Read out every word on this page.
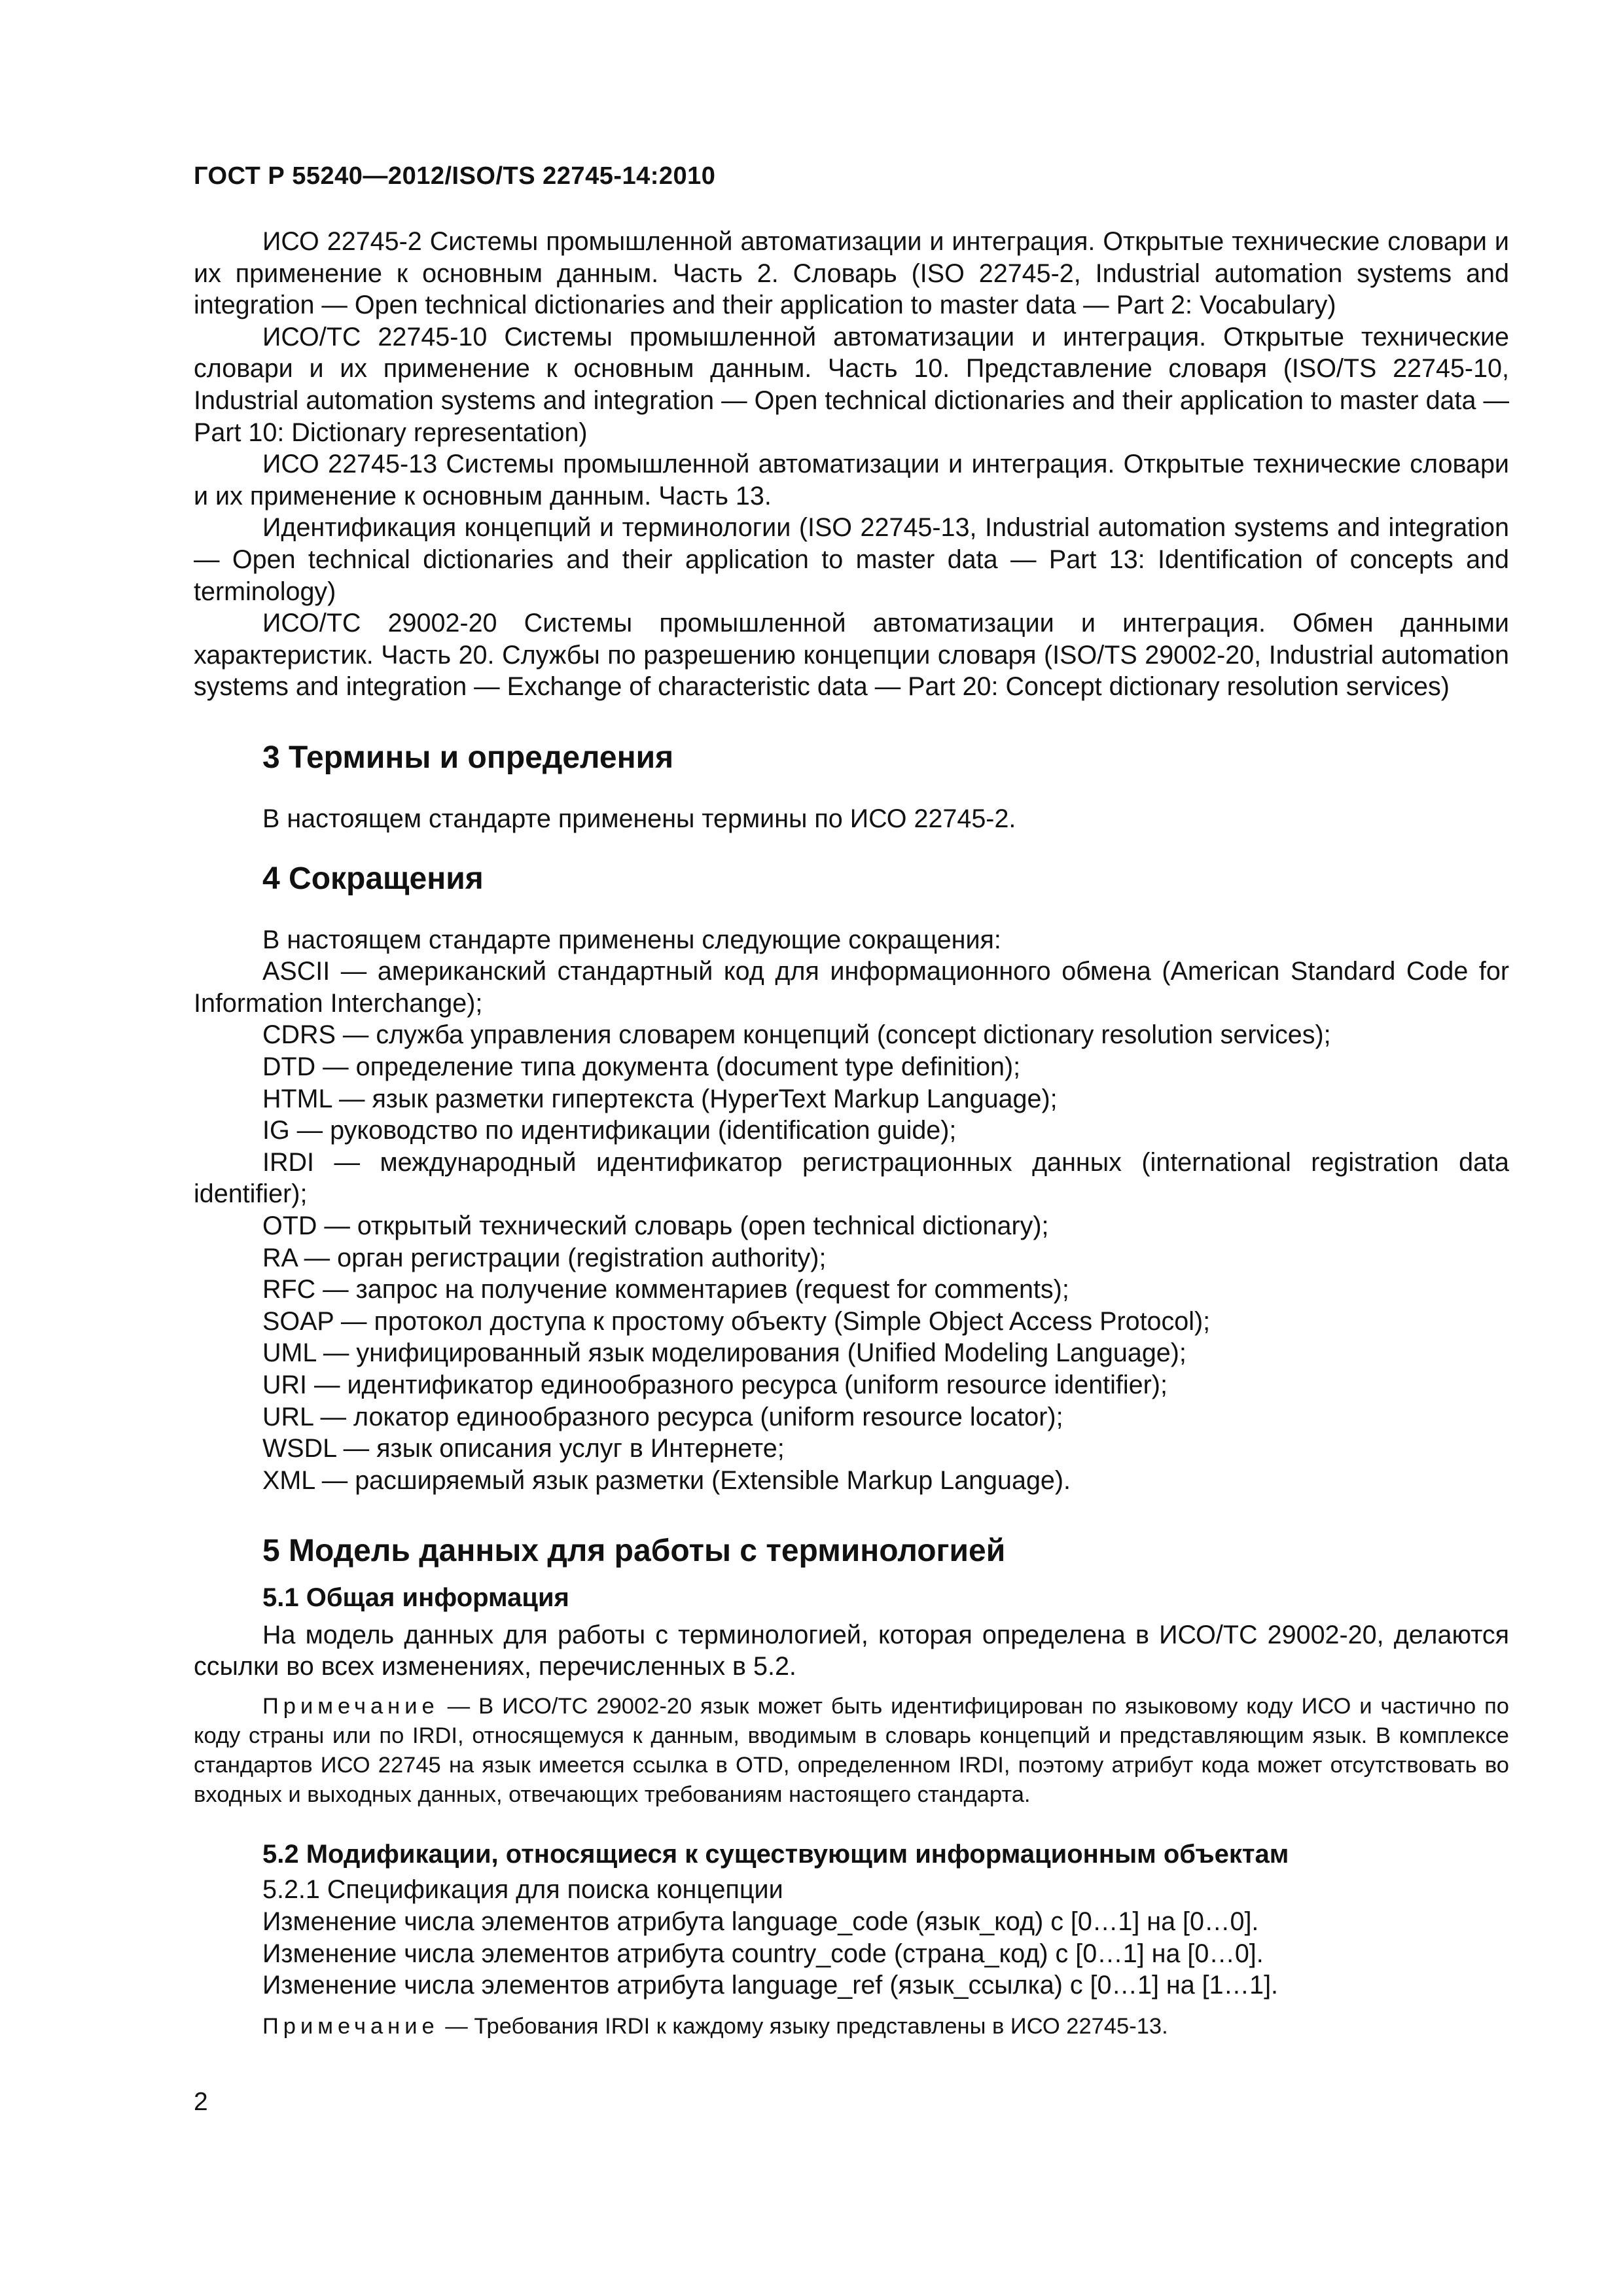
ГОСТ Р 55240—2012/ISO/TS 22745-14:2010

ИСО 22745-2 Системы промышленной автоматизации и интеграция. Открытые технические словари и их применение к основным данным. Часть 2. Словарь (ISO 22745-2, Industrial automation systems and integration — Open technical dictionaries and their application to master data — Part 2: Vocabulary)

ИСО/ТС 22745-10 Системы промышленной автоматизации и интеграция. Открытые технические словари и их применение к основным данным. Часть 10. Представление словаря (ISO/TS 22745-10, Industrial automation systems and integration — Open technical dictionaries and their application to master data — Part 10: Dictionary representation)

ИСО 22745-13 Системы промышленной автоматизации и интеграция. Открытые технические словари и их применение к основным данным. Часть 13.

Идентификация концепций и терминологии (ISO 22745-13, Industrial automation systems and integration — Open technical dictionaries and their application to master data — Part 13: Identification of concepts and terminology)

ИСО/ТС 29002-20 Системы промышленной автоматизации и интеграция. Обмен данными характеристик. Часть 20. Службы по разрешению концепции словаря (ISO/TS 29002-20, Industrial automation systems and integration — Exchange of characteristic data — Part 20: Concept dictionary resolution services)

3 Термины и определения

В настоящем стандарте применены термины по ИСО 22745-2.

4 Сокращения

В настоящем стандарте применены следующие сокращения:

ASCII — американский стандартный код для информационного обмена (American Standard Code for Information Interchange);

CDRS — служба управления словарем концепций (concept dictionary resolution services);

DTD — определение типа документа (document type definition);

HTML — язык разметки гипертекста (HyperText Markup Language);

IG — руководство по идентификации (identification guide);

IRDI — международный идентификатор регистрационных данных (international registration data identifier);

OTD — открытый технический словарь (open technical dictionary);

RA — орган регистрации (registration authority);

RFC — запрос на получение комментариев (request for comments);

SOAP — протокол доступа к простому объекту (Simple Object Access Protocol);

UML — унифицированный язык моделирования (Unified Modeling Language);

URI — идентификатор единообразного ресурса (uniform resource identifier);

URL — локатор единообразного ресурса (uniform resource locator);

WSDL — язык описания услуг в Интернете;

XML — расширяемый язык разметки (Extensible Markup Language).

5 Модель данных для работы с терминологией
5.1 Общая информация

На модель данных для работы с терминологией, которая определена в ИСО/ТС 29002-20, делаются ссылки во всех изменениях, перечисленных в 5.2.

Примечание — В ИСО/ТС 29002-20 язык может быть идентифицирован по языковому коду ИСО и частично по коду страны или по IRDI, относящемуся к данным, вводимым в словарь концепций и представляющим язык. В комплексе стандартов ИСО 22745 на язык имеется ссылка в OTD, определенном IRDI, поэтому атрибут кода может отсутствовать во входных и выходных данных, отвечающих требованиям настоящего стандарта.

5.2 Модификации, относящиеся к существующим информационным объектам

5.2.1 Спецификация для поиска концепции

Изменение числа элементов атрибута language_code (язык_код) с [0…1] на [0…0].

Изменение числа элементов атрибута country_code (страна_код) с [0…1] на [0…0].

Изменение числа элементов атрибута language_ref (язык_ссылка) с [0…1] на [1…1].

Примечание — Требования IRDI к каждому языку представлены в ИСО 22745-13.

2
